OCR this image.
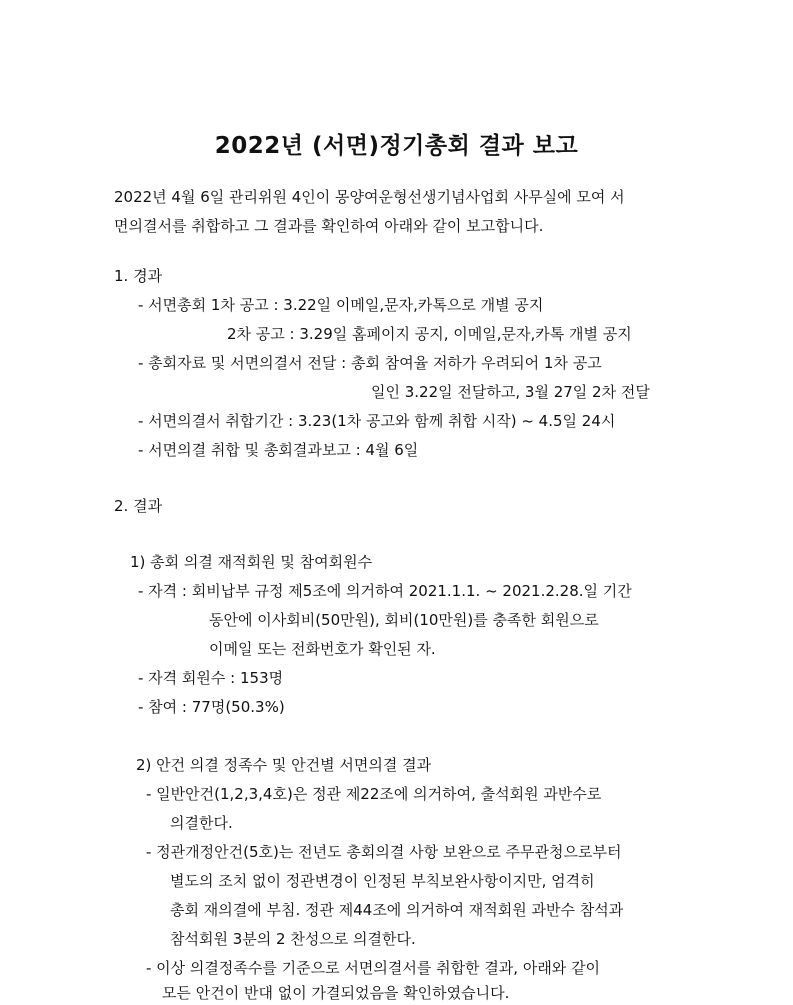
2022년 (서면)정기총회 결과 보고
2022년 4월 6일 관리위원 4인이 몽양여운형선생기념사업회 사무실에 모여 서
면의결서를 취합하고 그 결과를 확인하여 아래와 같이 보고합니다.
1. 경과
- 서면총회 1차 공고 : 3.22일 이메일,문자,카톡으로 개별 공지
2차 공고 : 3.29일 홈페이지 공지, 이메일,문자,카톡 개별 공지
- 총회자료 및 서면의결서 전달 : 총회 참여율 저하가 우려되어 1차 공고
일인 3.22일 전달하고, 3월 27일 2차 전달
- 서면의결서 취합기간 : 3.23(1차 공고와 함께 취합 시작) ~ 4.5일 24시
- 서면의결 취합 및 총회결과보고 : 4월 6일
2. 결과
1) 총회 의결 재적회원 및 참여회원수
- 자격 : 회비납부 규정 제5조에 의거하여 2021.1.1. ~ 2021.2.28.일 기간
동안에 이사회비(50만원), 회비(10만원)를 충족한 회원으로
이메일 또는 전화번호가 확인된 자.
- 자격 회원수 : 153명
- 참여 : 77명(50.3%)
2) 안건 의결 정족수 및 안건별 서면의결 결과
- 일반안건(1,2,3,4호)은 정관 제22조에 의거하여, 출석회원 과반수로
의결한다.
- 정관개정안건(5호)는 전년도 총회의결 사항 보완으로 주무관청으로부터
별도의 조치 없이 정관변경이 인정된 부칙보완사항이지만, 엄격히
총회 재의결에 부침. 정관 제44조에 의거하여 재적회원 과반수 참석과
참석회원 3분의 2 찬성으로 의결한다.
- 이상 의결정족수를 기준으로 서면의결서를 취합한 결과, 아래와 같이
모든 안건이 반대 없이 가결되었음을 확인하였습니다.
